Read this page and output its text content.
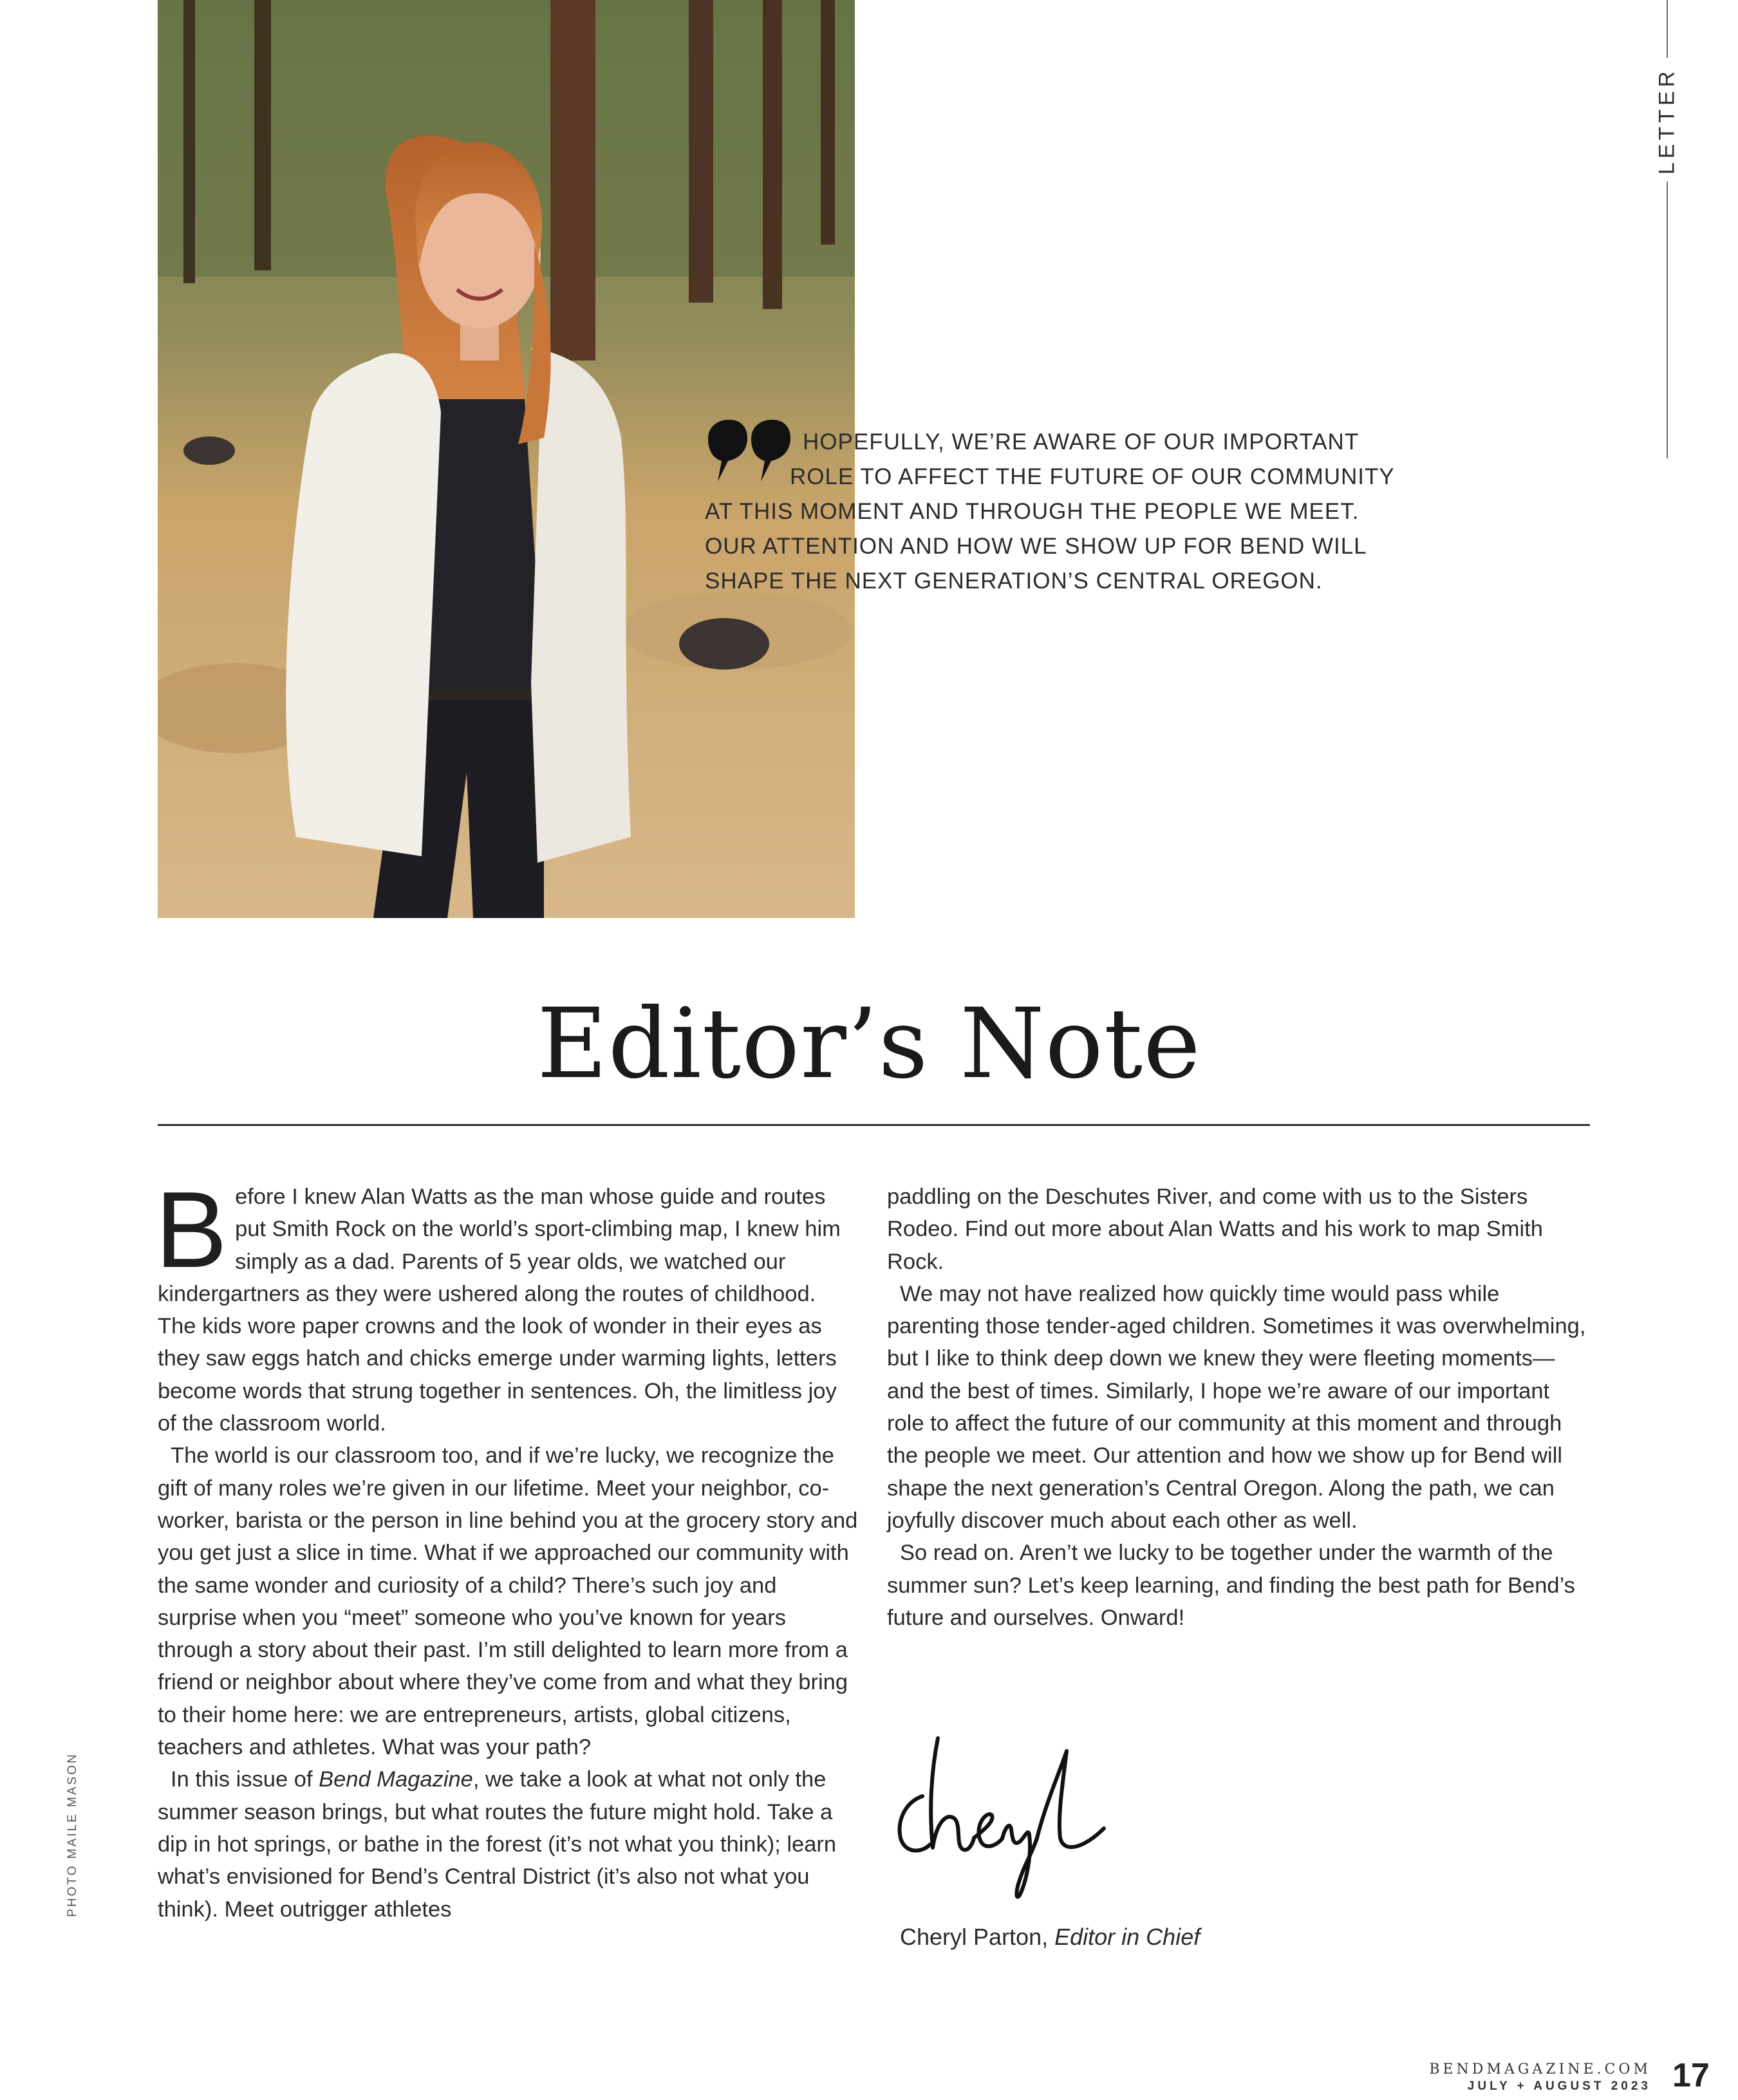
LETTER
HOPEFULLY, WE’RE AWARE OF OUR IMPORTANT
ROLE TO AFFECT THE FUTURE OF OUR COMMUNITY
AT THIS MOMENT AND THROUGH THE PEOPLE WE MEET.
OUR ATTENTION AND HOW WE SHOW UP FOR BEND WILL
SHAPE THE NEXT GENERATION’S CENTRAL OREGON.
Editor’s Note

Before I knew Alan Watts as the man whose guide and routes put Smith Rock on the world’s sport-climbing map, I knew him simply as a dad. Parents of 5 year olds, we watched our kindergartners as they were ushered along the routes of childhood. The kids wore paper crowns and the look of wonder in their eyes as they saw eggs hatch and chicks emerge under warming lights, letters become words that strung together in sentences. Oh, the limitless joy of the classroom world.

The world is our classroom too, and if we’re lucky, we recognize the gift of many roles we’re given in our lifetime. Meet your neighbor, co-worker, barista or the person in line behind you at the grocery story and you get just a slice in time. What if we approached our community with the same wonder and curiosity of a child? There’s such joy and surprise when you “meet” someone who you’ve known for years through a story about their past. I’m still delighted to learn more from a friend or neighbor about where they’ve come from and what they bring to their home here: we are entrepreneurs, artists, global citizens, teachers and athletes. What was your path?

In this issue of Bend Magazine, we take a look at what not only the summer season brings, but what routes the future might hold. Take a dip in hot springs, or bathe in the forest (it’s not what you think); learn what’s envisioned for Bend’s Central District (it’s also not what you think). Meet outrigger athletes

paddling on the Deschutes River, and come with us to the Sisters Rodeo. Find out more about Alan Watts and his work to map Smith Rock.

We may not have realized how quickly time would pass while parenting those tender-aged children. Sometimes it was overwhelming, but I like to think deep down we knew they were fleeting moments—and the best of times. Similarly, I hope we’re aware of our important role to affect the future of our community at this moment and through the people we meet. Our attention and how we show up for Bend will shape the next generation’s Central Oregon. Along the path, we can joyfully discover much about each other as well.

So read on. Aren’t we lucky to be together under the warmth of the summer sun? Let’s keep learning, and finding the best path for Bend’s future and ourselves. Onward!

Cheryl Parton, Editor in Chief
PHOTO MAILE MASON
BENDMAGAZINE.COM
JULY + AUGUST 2023 17
